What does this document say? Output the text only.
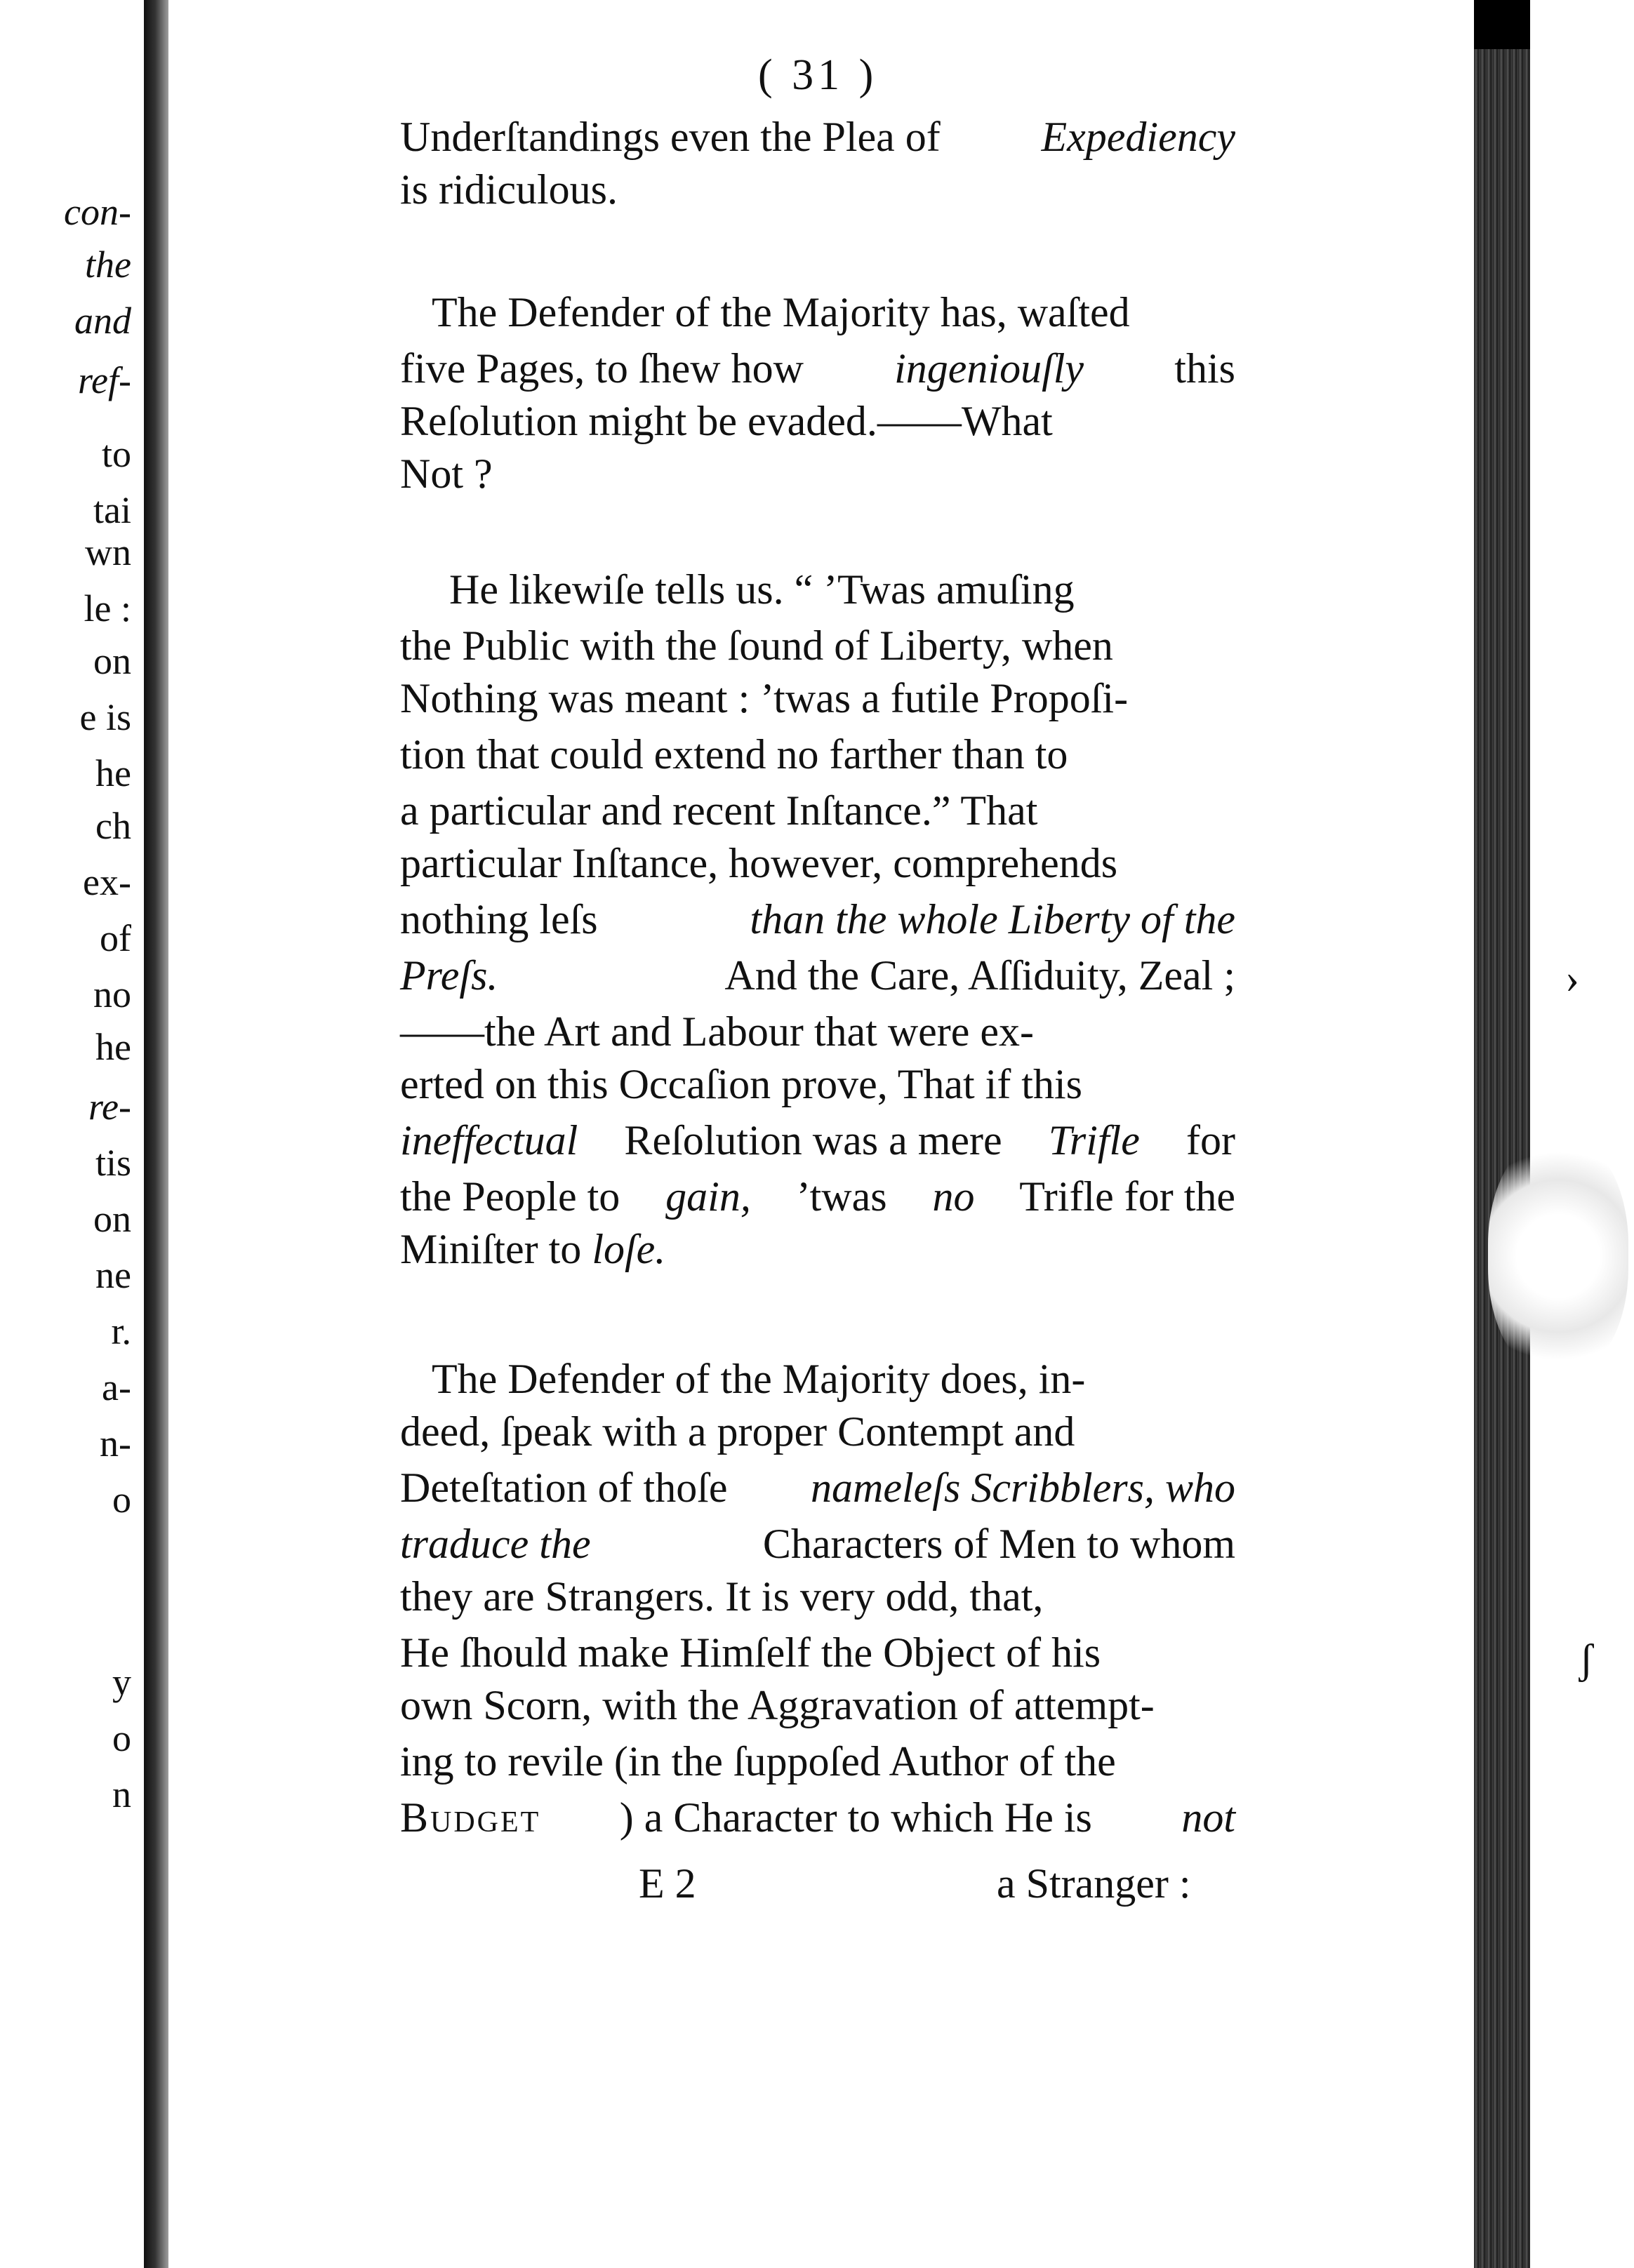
con-
the
and
ref-
to
tai
wn
le :
on
e is
he
ch
ex-
of
no
he
re-
tis
on
ne
r.
a-
n-
o
y
o
n
( 31 )
Underſtandings even the Plea of Expediency
is ridiculous.
The Defender of the Majority has, waſted
five Pages, to ſhew how ingeniouſly this
Reſolution might be evaded.——What
Not ?
He likewiſe tells us. “ ’Twas amuſing
the Public with the ſound of Liberty, when
Nothing was meant : ’twas a futile Propoſi-
tion that could extend no farther than to
a particular and recent Inſtance.” That
particular Inſtance, however, comprehends
nothing leſs	than the whole Liberty of the
Preſs.	And the Care, Aſſiduity, Zeal ;
——the Art and Labour that were ex-
erted on this Occaſion prove, That if this
ineffectual Reſolution was a mere Trifle for
the People to gain, ’twas no Trifle for the
Miniſter to loſe.
The Defender of the Majority does, in-
deed, ſpeak with a proper Contempt and
Deteſtation of thoſe nameleſs Scribblers, who
traduce the	Characters of Men to whom
they are Strangers. It is very odd, that,
He ſhould make Himſelf the Object of his
own Scorn, with the Aggravation of attempt-
ing to revile (in the ſuppoſed Author of the
Budget ) a Character to which He is not
E 2	a Stranger :
›
ʃ
